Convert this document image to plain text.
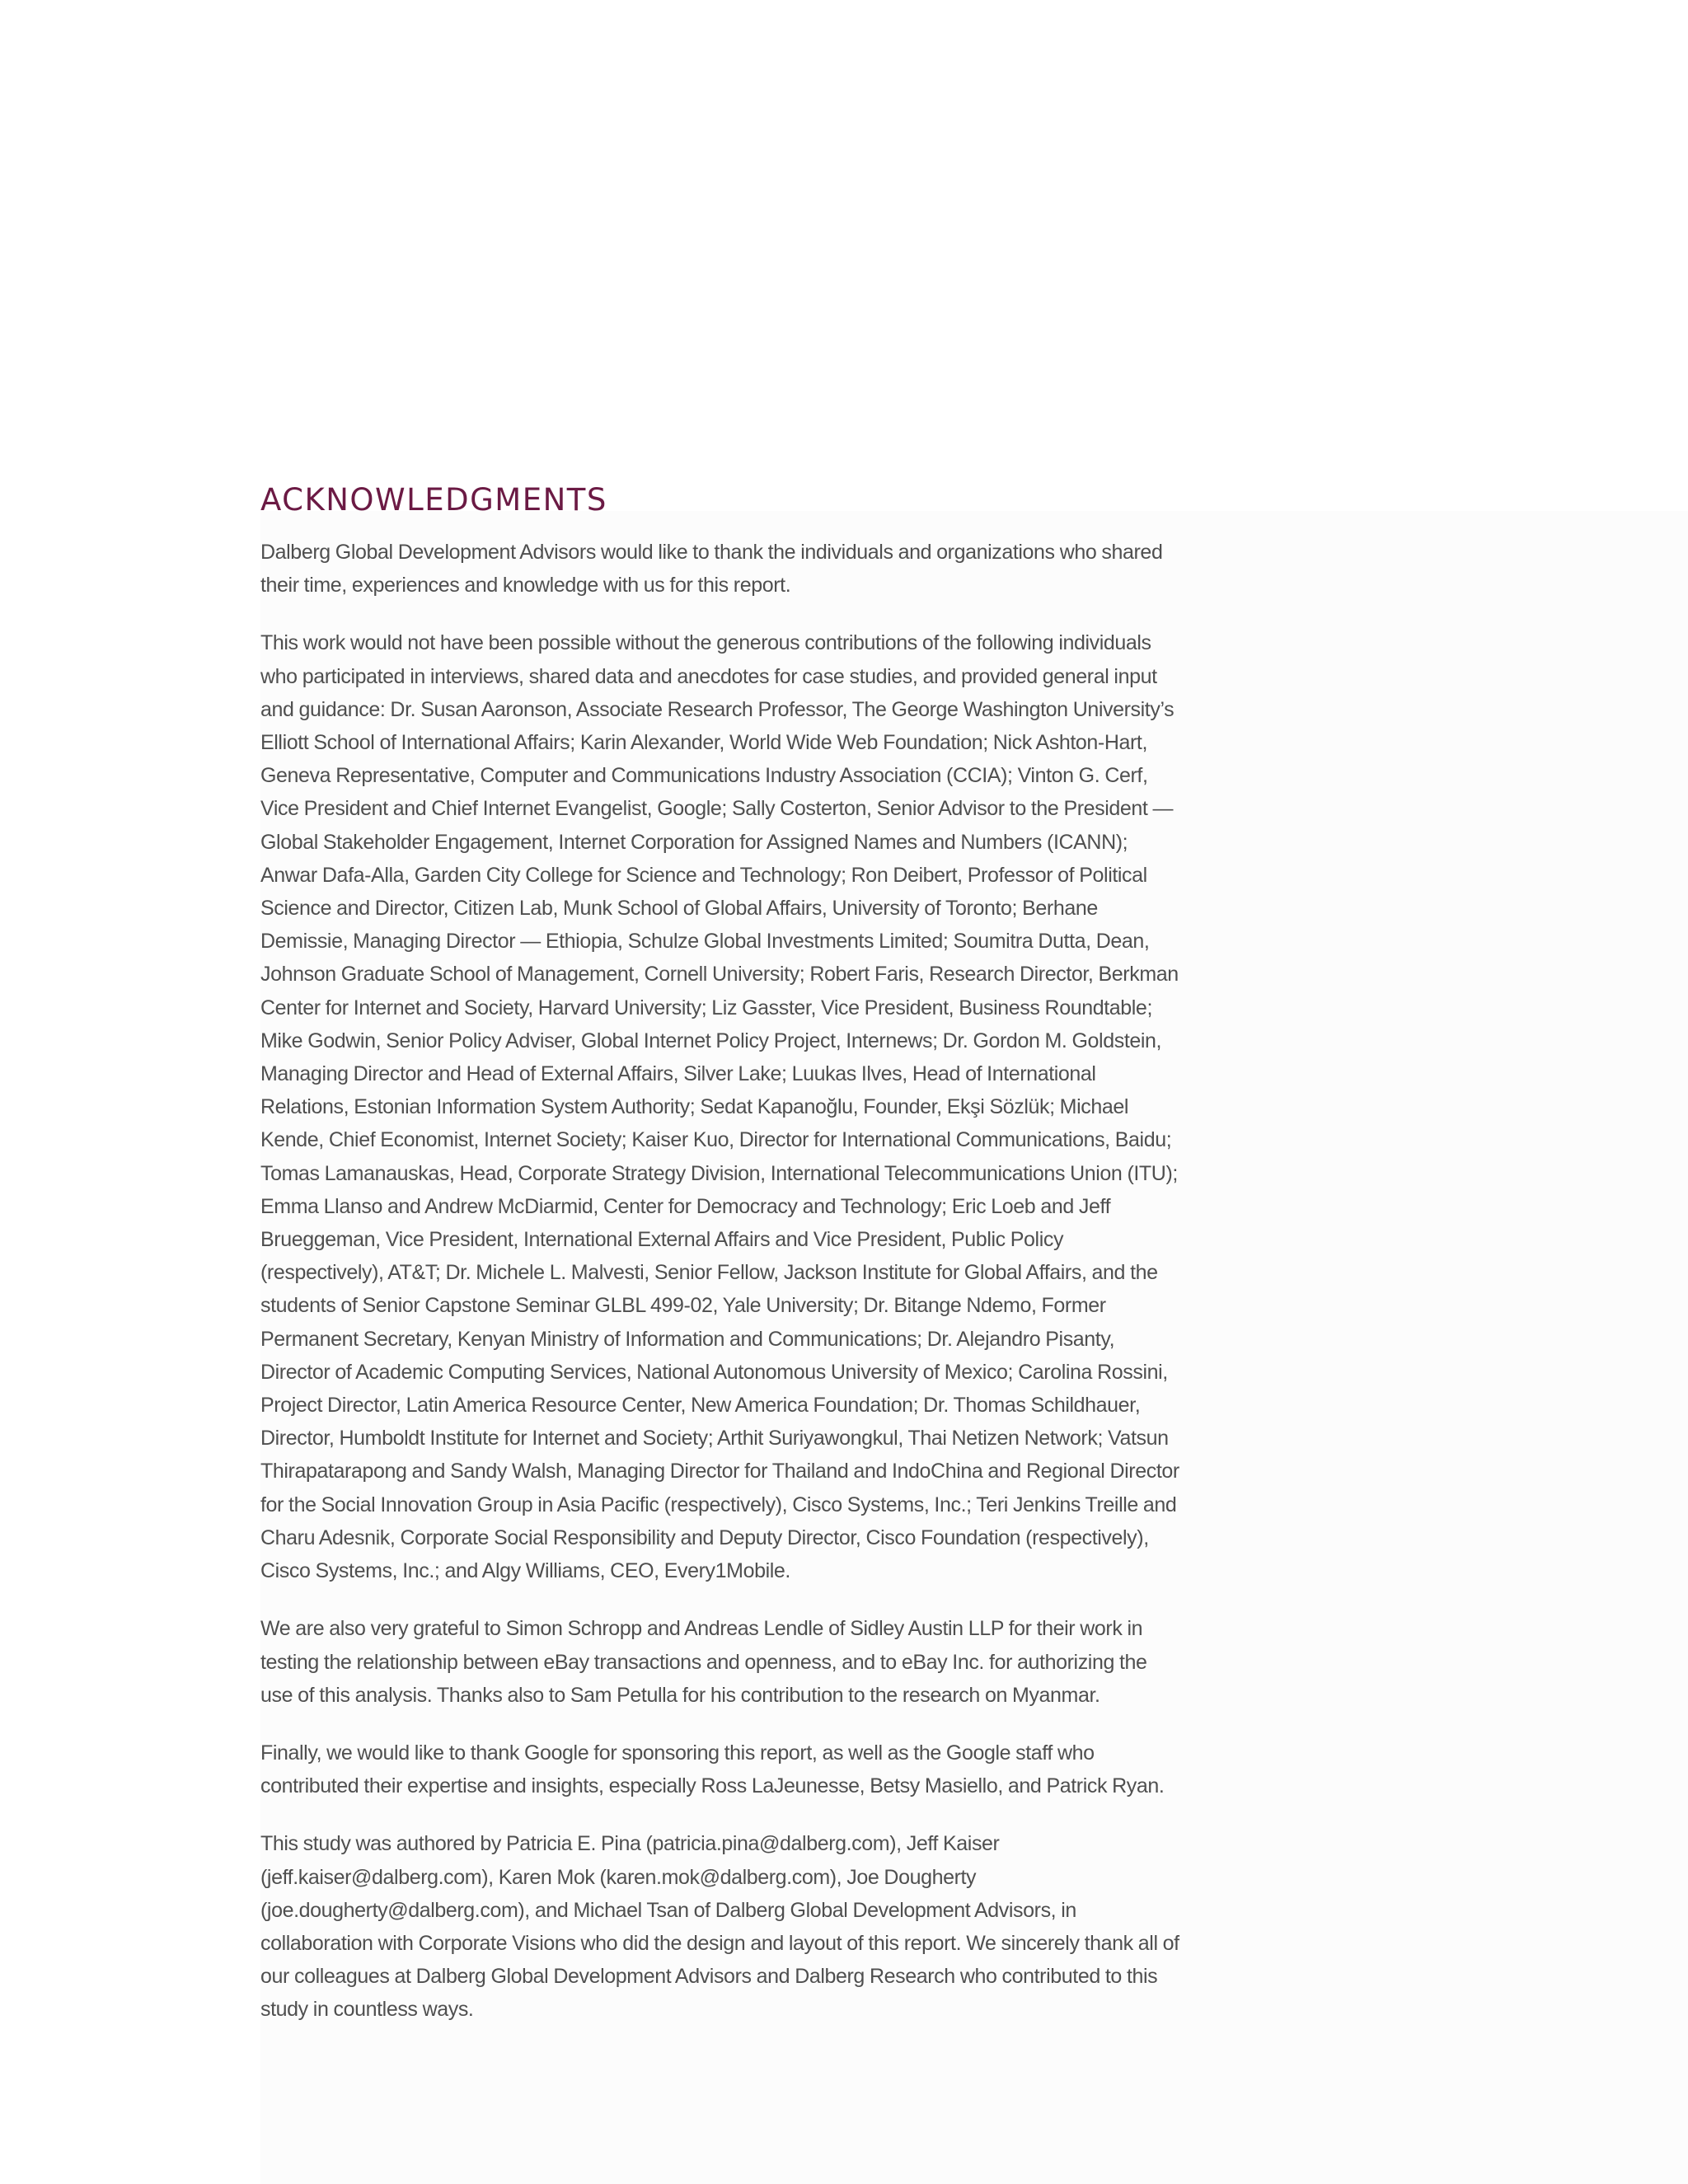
ACKNOWLEDGMENTS

Dalberg Global Development Advisors would like to thank the individuals and organizations who shared their time, experiences and knowledge with us for this report.

This work would not have been possible without the generous contributions of the following individuals who participated in interviews, shared data and anecdotes for case studies, and provided general input and guidance: Dr. Susan Aaronson, Associate Research Professor, The George Washington University’s Elliott School of International Affairs; Karin Alexander, World Wide Web Foundation; Nick Ashton-Hart, Geneva Representative, Computer and Communications Industry Association (CCIA); Vinton G. Cerf, Vice President and Chief Internet Evangelist, Google; Sally Costerton, Senior Advisor to the President — Global Stakeholder Engagement, Internet Corporation for Assigned Names and Numbers (ICANN); Anwar Dafa-Alla, Garden City College for Science and Technology; Ron Deibert, Professor of Political Science and Director, Citizen Lab, Munk School of Global Affairs, University of Toronto; Berhane Demissie, Managing Director — Ethiopia, Schulze Global Investments Limited; Soumitra Dutta, Dean, Johnson Graduate School of Management, Cornell University; Robert Faris, Research Director, Berkman Center for Internet and Society, Harvard University; Liz Gasster, Vice President, Business Roundtable; Mike Godwin, Senior Policy Adviser, Global Internet Policy Project, Internews; Dr. Gordon M. Goldstein, Managing Director and Head of External Affairs, Silver Lake; Luukas Ilves, Head of International Relations, Estonian Information System Authority; Sedat Kapanoğlu, Founder, Ekşi Sözlük; Michael Kende, Chief Economist, Internet Society; Kaiser Kuo, Director for International Communications, Baidu; Tomas Lamanauskas, Head, Corporate Strategy Division, International Telecommunications Union (ITU); Emma Llanso and Andrew McDiarmid, Center for Democracy and Technology; Eric Loeb and Jeff Brueggeman, Vice President, International External Affairs and Vice President, Public Policy (respectively), AT&T; Dr. Michele L. Malvesti, Senior Fellow, Jackson Institute for Global Affairs, and the students of Senior Capstone Seminar GLBL 499-02, Yale University; Dr. Bitange Ndemo, Former Permanent Secretary, Kenyan Ministry of Information and Communications; Dr. Alejandro Pisanty, Director of Academic Computing Services, National Autonomous University of Mexico; Carolina Rossini, Project Director, Latin America Resource Center, New America Foundation; Dr. Thomas Schildhauer, Director, Humboldt Institute for Internet and Society; Arthit Suriyawongkul, Thai Netizen Network; Vatsun Thirapatarapong and Sandy Walsh, Managing Director for Thailand and IndoChina and Regional Director for the Social Innovation Group in Asia Pacific (respectively), Cisco Systems, Inc.; Teri Jenkins Treille and Charu Adesnik, Corporate Social Responsibility and Deputy Director, Cisco Foundation (respectively), Cisco Systems, Inc.; and Algy Williams, CEO, Every1Mobile.

We are also very grateful to Simon Schropp and Andreas Lendle of Sidley Austin LLP for their work in testing the relationship between eBay transactions and openness, and to eBay Inc. for authorizing the use of this analysis. Thanks also to Sam Petulla for his contribution to the research on Myanmar.

Finally, we would like to thank Google for sponsoring this report, as well as the Google staff who contributed their expertise and insights, especially Ross LaJeunesse, Betsy Masiello, and Patrick Ryan.

This study was authored by Patricia E. Pina (patricia.pina@dalberg.com), Jeff Kaiser (jeff.kaiser@dalberg.com), Karen Mok (karen.mok@dalberg.com), Joe Dougherty (joe.dougherty@dalberg.com), and Michael Tsan of Dalberg Global Development Advisors, in collaboration with Corporate Visions who did the design and layout of this report. We sincerely thank all of our colleagues at Dalberg Global Development Advisors and Dalberg Research who contributed to this study in countless ways.
